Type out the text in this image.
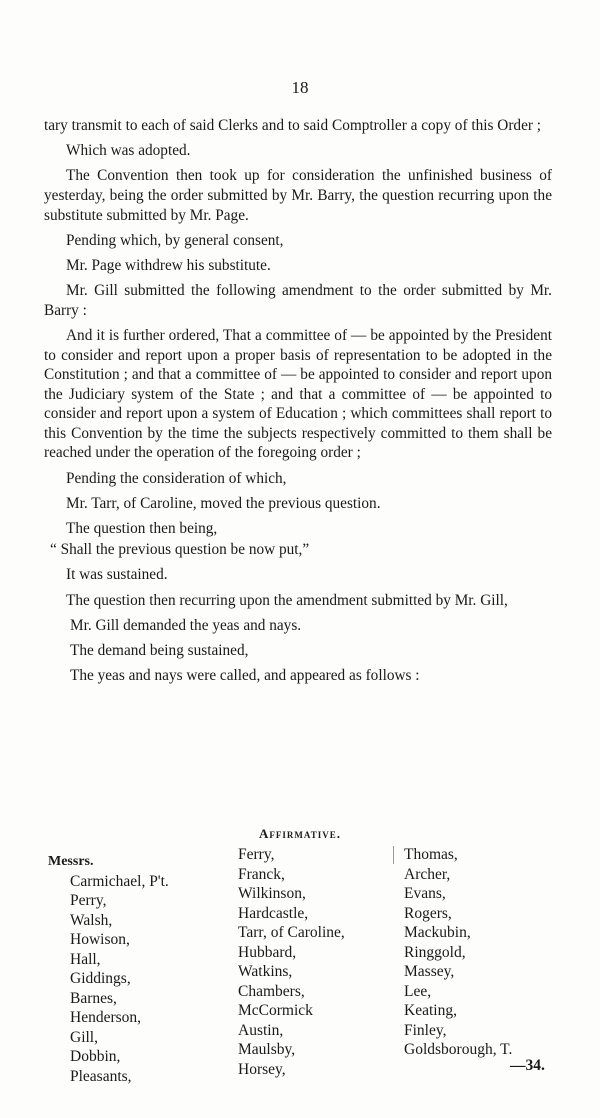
18

tary transmit to each of said Clerks and to said Comptroller a copy of this Order ;

Which was adopted.

The Convention then took up for consideration the unfinished business of yesterday, being the order submitted by Mr. Barry, the question recurring upon the substitute submitted by Mr. Page.

Pending which, by general consent,

Mr. Page withdrew his substitute.

Mr. Gill submitted the following amendment to the order submitted by Mr. Barry :

And it is further ordered, That a committee of — be appointed by the President to consider and report upon a proper basis of representation to be adopted in the Constitution ; and that a committee of — be appointed to consider and report upon the Judiciary system of the State ; and that a committee of — be appointed to consider and report upon a system of Education ; which committees shall report to this Convention by the time the subjects respectively committed to them shall be reached under the operation of the foregoing order ;

Pending the consideration of which,

Mr. Tarr, of Caroline, moved the previous question.

The question then being,

“ Shall the previous question be now put,”

It was sustained.

The question then recurring upon the amendment submitted by Mr. Gill,

Mr. Gill demanded the yeas and nays.

The demand being sustained,

The yeas and nays were called, and appeared as follows :

Affirmative.
Messrs.
Carmichael, P't.
Perry,
Walsh,
Howison,
Hall,
Giddings,
Barnes,
Henderson,
Gill,
Dobbin,
Pleasants,
Ferry,
Franck,
Wilkinson,
Hardcastle,
Tarr, of Caroline,
Hubbard,
Watkins,
Chambers,
McCormick
Austin,
Maulsby,
Horsey,
Thomas,
Archer,
Evans,
Rogers,
Mackubin,
Ringgold,
Massey,
Lee,
Keating,
Finley,
Goldsborough, T.
—34.
